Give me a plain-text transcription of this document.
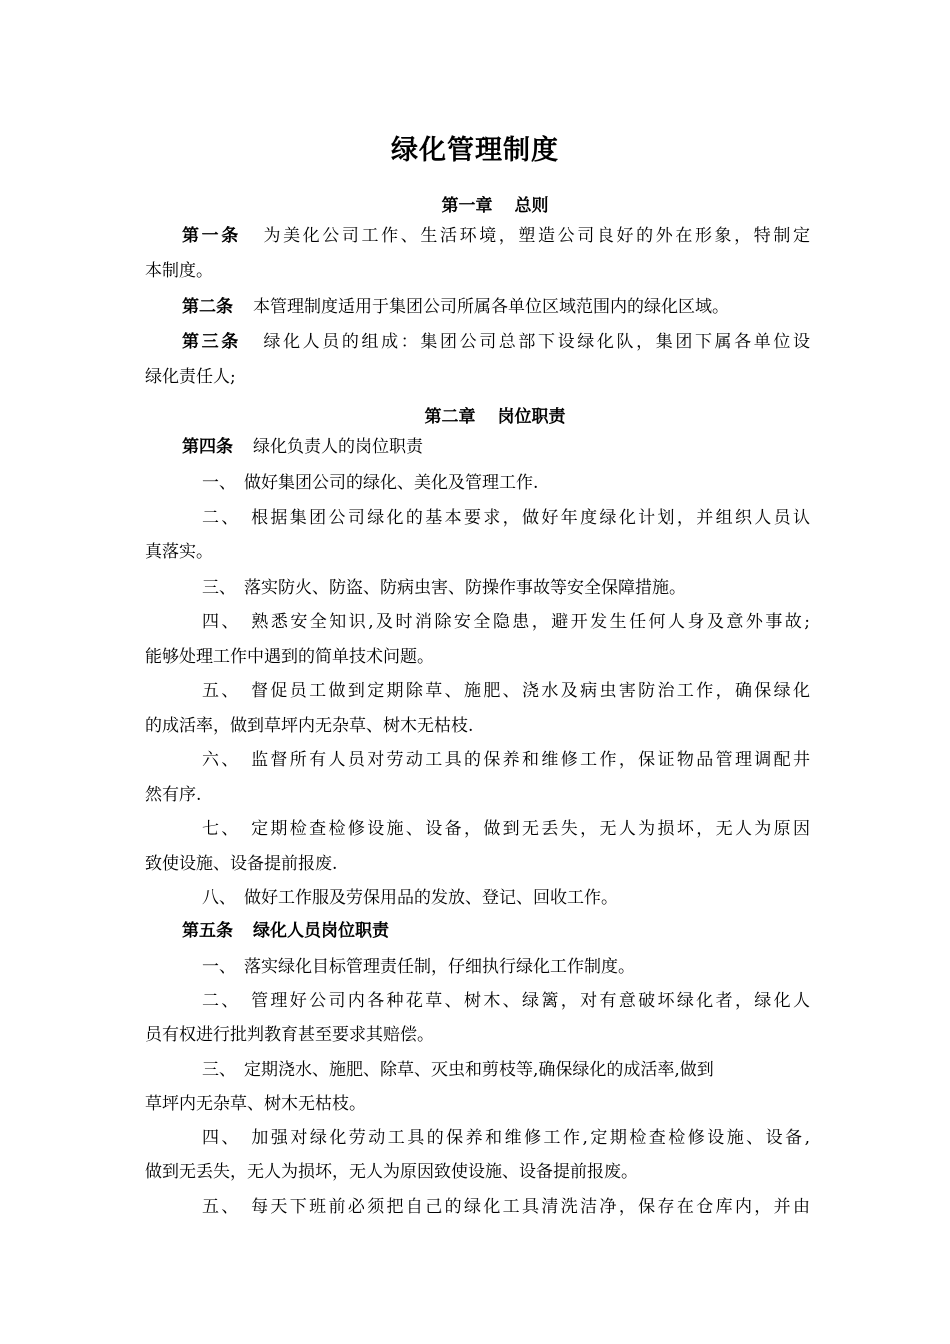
绿化管理制度
第一章 总则
第一条 为美化公司工作、生活环境，塑造公司良好的外在形象，特制定
本制度。
第二条 本管理制度适用于集团公司所属各单位区域范围内的绿化区域。
第三条 绿化人员的组成：集团公司总部下设绿化队，集团下属各单位设
绿化责任人;
第二章 岗位职责
第四条 绿化负责人的岗位职责
一、 做好集团公司的绿化、美化及管理工作.
二、 根据集团公司绿化的基本要求，做好年度绿化计划，并组织人员认
真落实。
三、 落实防火、防盗、防病虫害、防操作事故等安全保障措施。
四、 熟悉安全知识,及时消除安全隐患，避开发生任何人身及意外事故;
能够处理工作中遇到的简单技术问题。
五、 督促员工做到定期除草、施肥、浇水及病虫害防治工作，确保绿化
的成活率，做到草坪内无杂草、树木无枯枝.
六、 监督所有人员对劳动工具的保养和维修工作，保证物品管理调配井
然有序.
七、 定期检查检修设施、设备，做到无丢失，无人为损坏，无人为原因
致使设施、设备提前报废.
八、 做好工作服及劳保用品的发放、登记、回收工作。
第五条 绿化人员岗位职责
一、 落实绿化目标管理责任制，仔细执行绿化工作制度。
二、 管理好公司内各种花草、树木、绿篱，对有意破坏绿化者，绿化人
员有权进行批判教育甚至要求其赔偿。
三、 定期浇水、施肥、除草、灭虫和剪枝等,确保绿化的成活率,做到
草坪内无杂草、树木无枯枝。
四、 加强对绿化劳动工具的保养和维修工作,定期检查检修设施、设备,
做到无丢失，无人为损坏，无人为原因致使设施、设备提前报废。
五、 每天下班前必须把自己的绿化工具清洗洁净，保存在仓库内，并由
